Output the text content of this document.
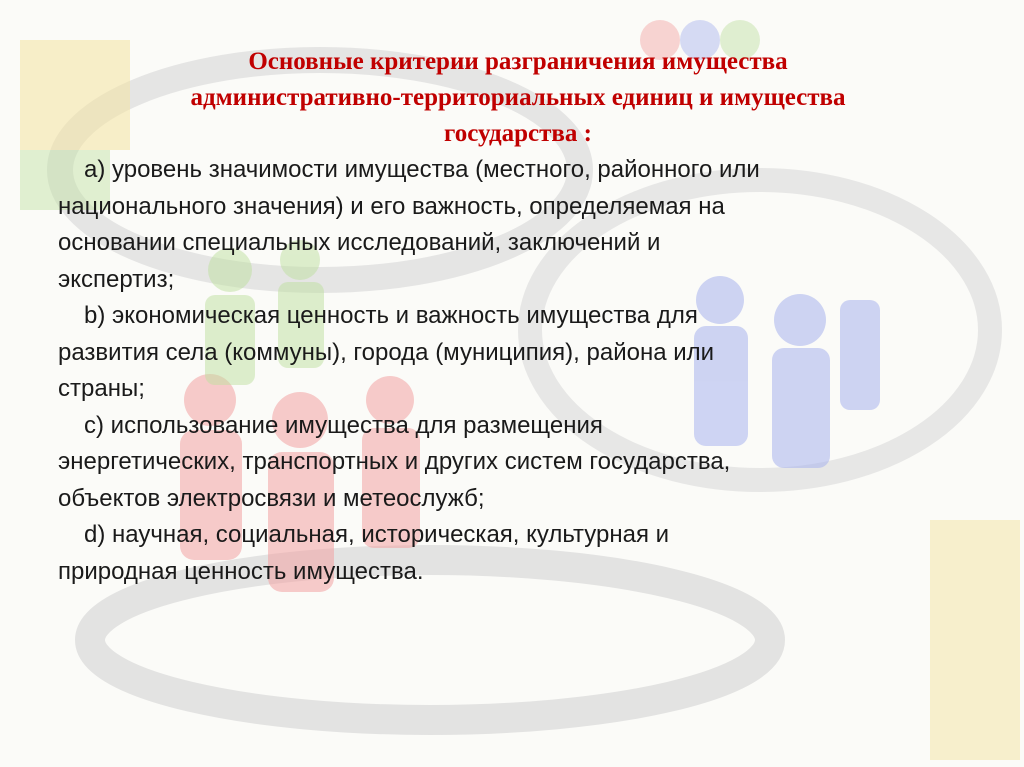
Основные критерии разграничения имущества
административно-территориальных единиц и имущества
государства :

а) уровень значимости имущества (местного, районного или
национального значения) и его важность, определяемая на
основании специальных исследований, заключений и
экспертиз;

b) экономическая ценность и важность имущества для
развития села (коммуны), города (муниципия), района или
страны;

c) использование имущества для размещения
энергетических, транспортных и других систем государства,
объектов электросвязи и метеослужб;

d) научная, социальная, историческая, культурная и
природная ценность имущества.
